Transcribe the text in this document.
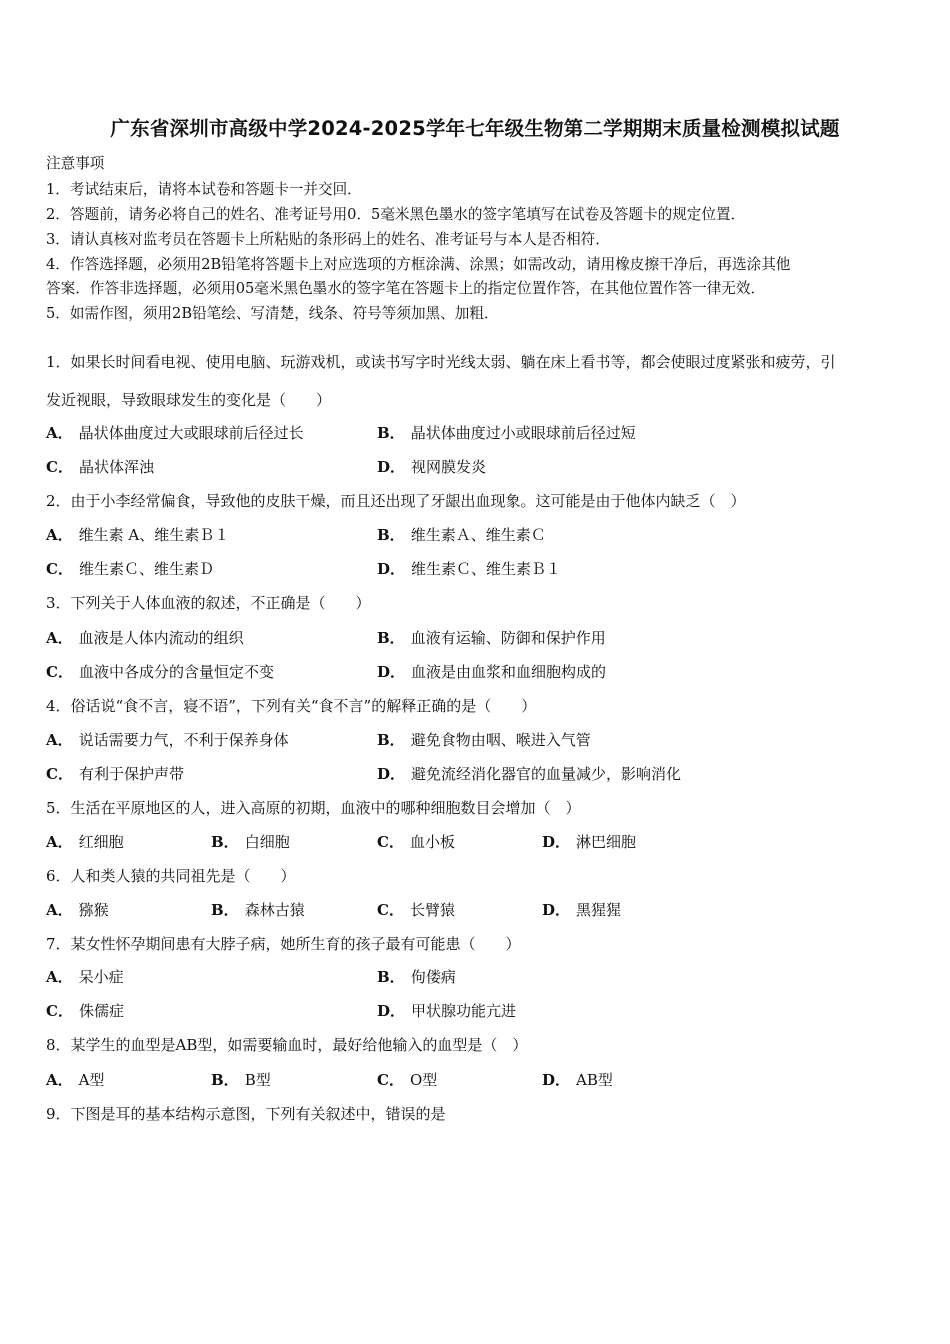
广东省深圳市高级中学2024-2025学年七年级生物第二学期期末质量检测模拟试题
注意事项
1．考试结束后，请将本试卷和答题卡一并交回．
2．答题前，请务必将自己的姓名、准考证号用0．5毫米黑色墨水的签字笔填写在试卷及答题卡的规定位置．
3．请认真核对监考员在答题卡上所粘贴的条形码上的姓名、准考证号与本人是否相符．
4．作答选择题，必须用2B铅笔将答题卡上对应选项的方框涂满、涂黑；如需改动，请用橡皮擦干净后，再选涂其他
答案．作答非选择题，必须用05毫米黑色墨水的签字笔在答题卡上的指定位置作答，在其他位置作答一律无效．
5．如需作图，须用2B铅笔绘、写清楚，线条、符号等须加黑、加粗．
1．如果长时间看电视、使用电脑、玩游戏机，或读书写字时光线太弱、躺在床上看书等，都会使眼过度紧张和疲劳，引
发近视眼，导致眼球发生的变化是（　　）
A． 晶状体曲度过大或眼球前后径过长	B． 晶状体曲度过小或眼球前后径过短
C． 晶状体浑浊	D． 视网膜发炎
2．由于小李经常偏食，导致他的皮肤干燥，而且还出现了牙龈出血现象。这可能是由于他体内缺乏（　）
A． 维生素 A、维生素Ｂ１	B． 维生素Ａ、维生素Ｃ
C． 维生素Ｃ、维生素Ｄ	D． 维生素Ｃ、维生素Ｂ１
3．下列关于人体血液的叙述，不正确是（　　）
A． 血液是人体内流动的组织	B． 血液有运输、防御和保护作用
C． 血液中各成分的含量恒定不变	D． 血液是由血浆和血细胞构成的
4．俗话说“食不言，寝不语”，下列有关“食不言”的解释正确的是（　　）
A． 说话需要力气，不利于保养身体	B． 避免食物由咽、喉进入气管
C． 有利于保护声带	D． 避免流经消化器官的血量减少，影响消化
5．生活在平原地区的人，进入高原的初期，血液中的哪种细胞数目会增加（　）
A． 红细胞	B． 白细胞	C． 血小板	D． 淋巴细胞
6．人和类人猿的共同祖先是（　　）
A． 猕猴	B． 森林古猿	C． 长臂猿	D． 黑猩猩
7．某女性怀孕期间患有大脖子病，她所生育的孩子最有可能患（　　）
A． 呆小症	B． 佝偻病
C． 侏儒症	D． 甲状腺功能亢进
8．某学生的血型是AB型，如需要输血时，最好给他输入的血型是（　）
A． A型	B． B型	C． O型	D． AB型
9．下图是耳的基本结构示意图，下列有关叙述中，错误的是
